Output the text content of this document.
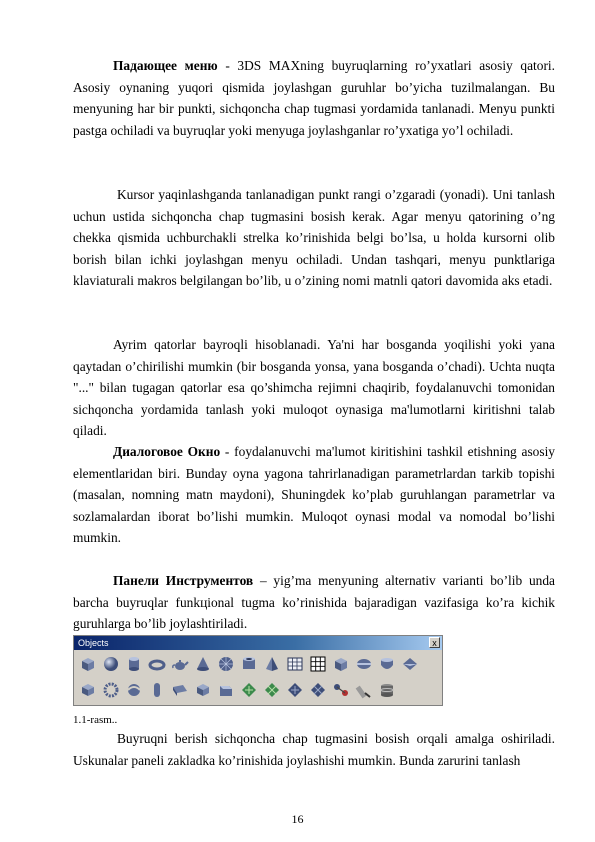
Падающее меню - 3DS MAXning buyruqlarning ro’yxatlari asosiy qatori. Asosiy oynaning yuqori qismida joylashgan guruhlar bo’yicha tuzilmalangan. Bu menyuning har bir punkti, sichqoncha chap tugmasi yordamida tanlanadi. Menyu punkti pastga ochiladi va buyruqlar yoki menyuga joylashganlar ro’yxatiga yo’l ochiladi.

Kursor yaqinlashganda tanlanadigan punkt rangi o’zgaradi (yonadi). Uni tanlash uchun ustida sichqoncha chap tugmasini bosish kerak. Agar menyu qatorining o’ng chekka qismida uchburchakli strelka ko’rinishida belgi bo’lsa, u holda kursorni olib borish bilan ichki joylashgan menyu ochiladi. Undan tashqari, menyu punktlariga klaviaturali makros belgilangan bo’lib, u o’zining nomi matnli qatori davomida aks etadi.

Ayrim qatorlar bayroqli hisoblanadi. Ya'ni har bosganda yoqilishi yoki yana qaytadan o’chirilishi mumkin (bir bosganda yonsa, yana bosganda o’chadi). Uchta nuqta "..." bilan tugagan qatorlar esa qo’shimcha rejimni chaqirib, foydalanuvchi tomonidan sichqoncha yordamida tanlash yoki muloqot oynasiga ma'lumotlarni kiritishni talab qiladi.

Диалоговое Окно - foydalanuvchi ma'lumot kiritishini tashkil etishning asosiy elementlaridan biri. Bunday oyna yagona tahrirlanadigan parametrlardan tarkib topishi (masalan, nomning matn maydoni), Shuningdek ko’plab guruhlangan parametrlar va sozlamalardan iborat bo’lishi mumkin. Muloqot oynasi modal va nomodal bo’lishi mumkin.

Панели Инструментов – yig’ma menyuning alternativ varianti bo’lib unda barcha buyruqlar funkцional tugma ko’rinishida bajaradigan vazifasiga ko’ra kichik guruhlarga bo’lib joylashtiriladi.

Objects	x
1.1-rasm..

Buyruqni berish sichqoncha chap tugmasini bosish orqali amalga oshiriladi. Uskunalar paneli zakladka ko’rinishida joylashishi mumkin. Bunda zarurini tanlash

16
